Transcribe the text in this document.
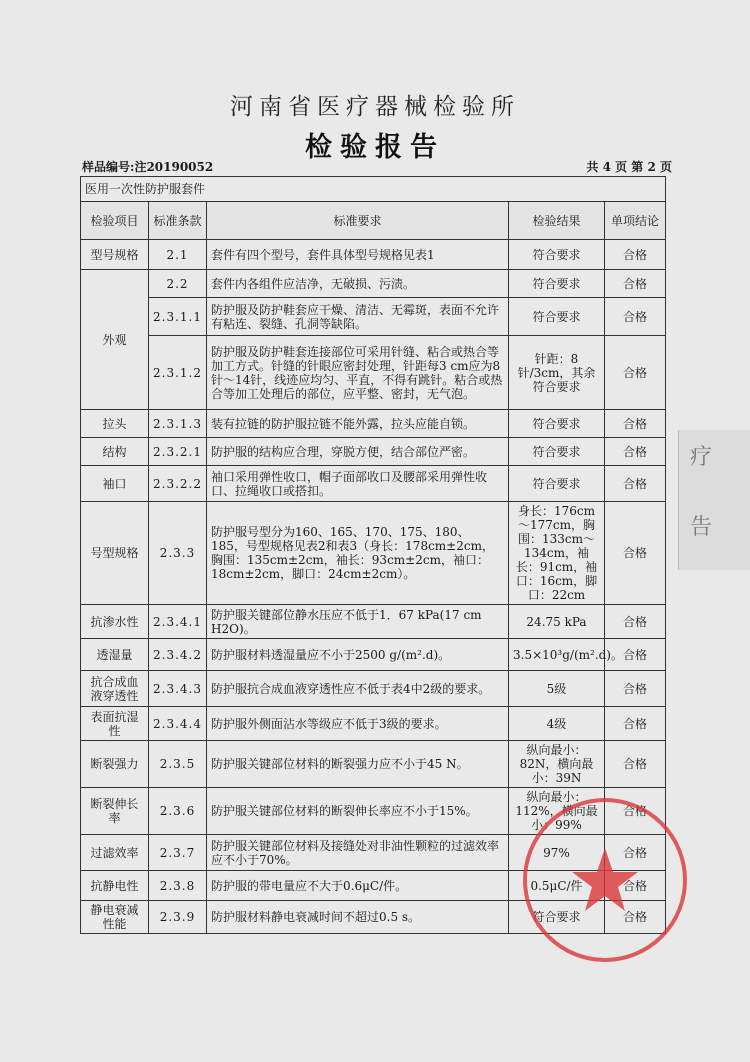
河南省医疗器械检验所
检验报告
样品编号:注20190052	共 4 页 第 2 页
医用一次性防护服套件				
检验项目	标准条款	标准要求	检验结果	单项结论
型号规格	2.1	套件有四个型号，套件具体型号规格见表1	符合要求	合格
外观	2.2	套件内各组件应洁净，无破损、污渍。	符合要求	合格
	2.3.1.1	防护服及防护鞋套应干燥、清洁、无霉斑，表面不允许有粘连、裂缝、孔洞等缺陷。	符合要求	合格
	2.3.1.2	防护服及防护鞋套连接部位可采用针缝、粘合或热合等加工方式。针缝的针眼应密封处理，针距每3 cm应为8针～14针，线迹应均匀、平直，不得有跳针。粘合或热合等加工处理后的部位，应平整、密封，无气泡。	针距：8针/3cm，其余符合要求	合格
拉头	2.3.1.3	装有拉链的防护服拉链不能外露，拉头应能自锁。	符合要求	合格
结构	2.3.2.1	防护服的结构应合理，穿脱方便，结合部位严密。	符合要求	合格
袖口	2.3.2.2	袖口采用弹性收口，帽子面部收口及腰部采用弹性收口、拉绳收口或搭扣。	符合要求	合格
号型规格	2.3.3	防护服号型分为160、165、170、175、180、185，号型规格见表2和表3（身长：178cm±2cm，胸围：135cm±2cm，袖长：93cm±2cm，袖口：18cm±2cm，脚口：24cm±2cm）。	身长：176cm～177cm，胸围：133cm～134cm，袖长：91cm，袖口：16cm，脚口：22cm	合格
抗渗水性	2.3.4.1	防护服关键部位静水压应不低于1．67 kPa(17 cm H2O)。	24.75 kPa	合格
透湿量	2.3.4.2	防护服材料透湿量应不小于2500 g/(m².d)。	3.5×10³g/(m².d)。	合格
抗合成血液穿透性	2.3.4.3	防护服抗合成血液穿透性应不低于表4中2级的要求。	5级	合格
表面抗湿性	2.3.4.4	防护服外侧面沾水等级应不低于3级的要求。	4级	合格
断裂强力	2.3.5	防护服关键部位材料的断裂强力应不小于45 N。	纵向最小：82N，横向最小：39N	合格
断裂伸长率	2.3.6	防护服关键部位材料的断裂伸长率应不小于15%。	纵向最小：112%，横向最小：99%	合格
过滤效率	2.3.7	防护服关键部位材料及接缝处对非油性颗粒的过滤效率应不小于70%。	97%	合格
抗静电性	2.3.8	防护服的带电量应不大于0.6μC/件。	0.5μC/件	合格
静电衰减性能	2.3.9	防护服材料静电衰减时间不超过0.5 s。	符合要求	合格
疗
告
